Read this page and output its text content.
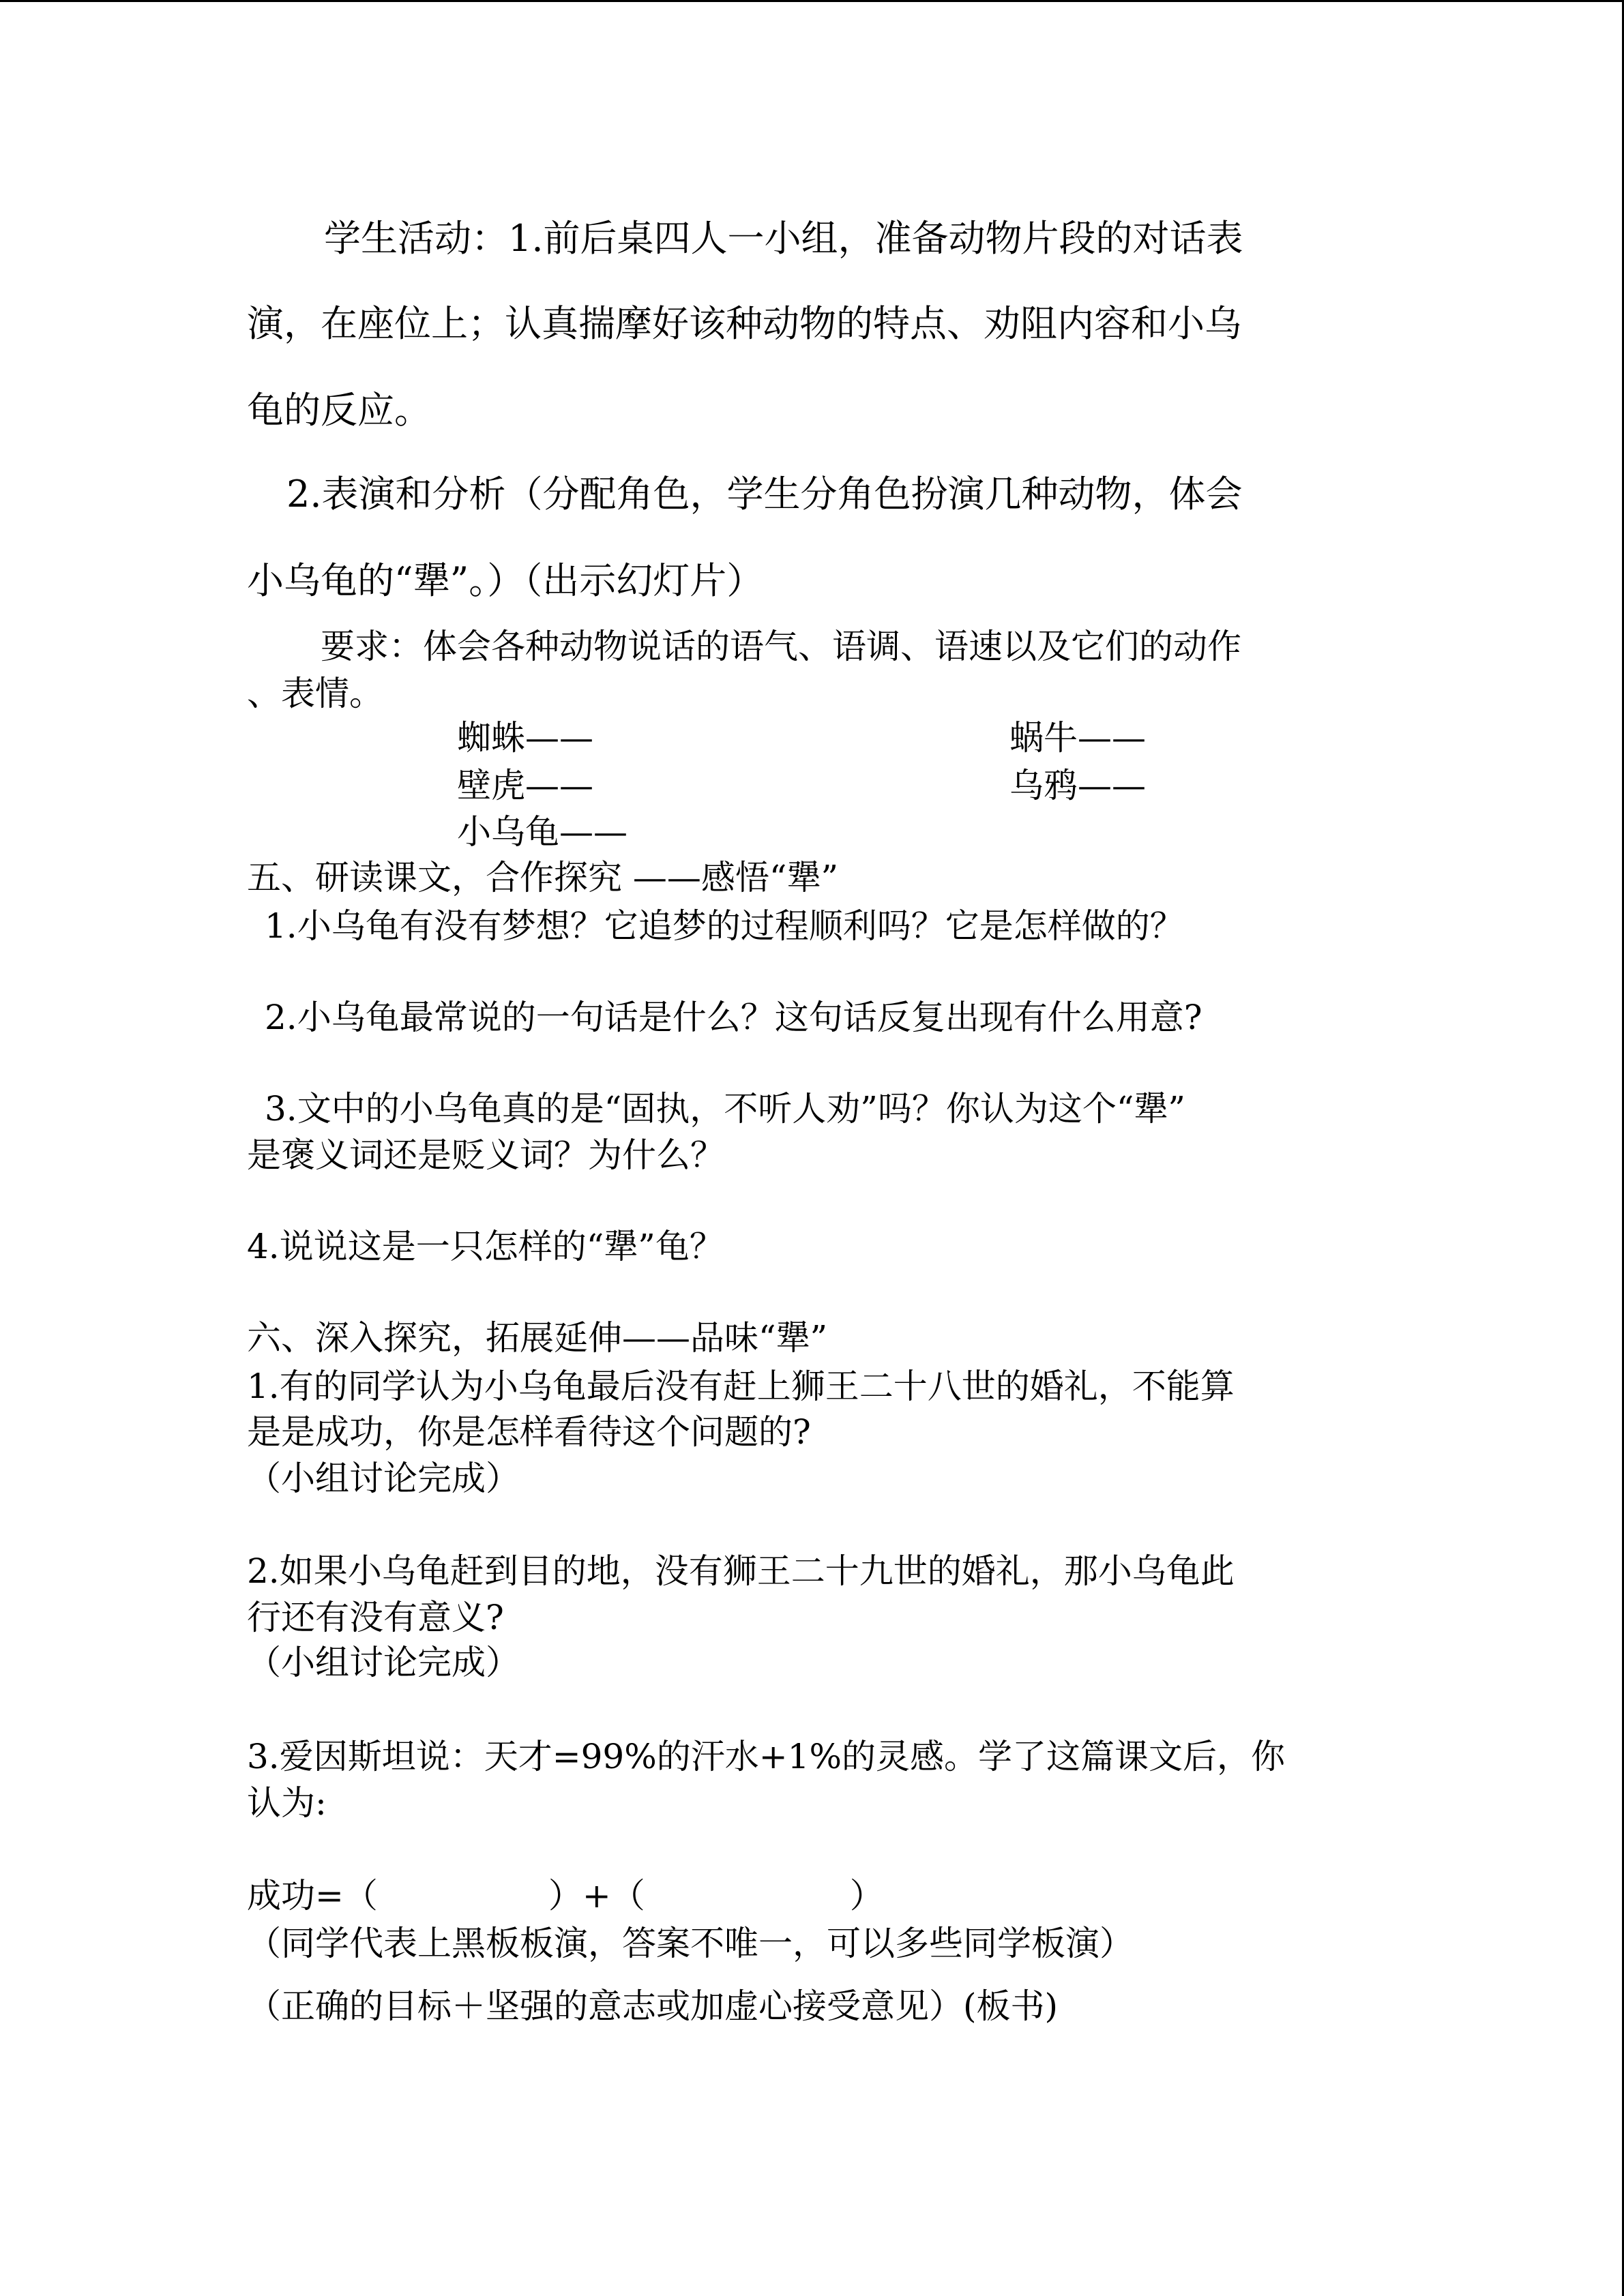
学生活动：1.前后桌四人一小组，准备动物片段的对话表
演，在座位上；认真揣摩好该种动物的特点、劝阻内容和小乌
龟的反应。
2.表演和分析（分配角色，学生分角色扮演几种动物，体会
小乌龟的“犟”。）（出示幻灯片）
要求：体会各种动物说话的语气、语调、语速以及它们的动作
、表情。
蜘蛛——	蜗牛——
壁虎——	乌鸦——
小乌龟——
五、研读课文，合作探究 ——感悟“犟”
1.小乌龟有没有梦想？它追梦的过程顺利吗？它是怎样做的？
2.小乌龟最常说的一句话是什么？这句话反复出现有什么用意?
3.文中的小乌龟真的是“固执，不听人劝”吗？你认为这个“犟”
是褒义词还是贬义词？为什么？
4.说说这是一只怎样的“犟”龟？
六、深入探究，拓展延伸——品味“犟”
1.有的同学认为小乌龟最后没有赶上狮王二十八世的婚礼，不能算
是是成功，你是怎样看待这个问题的?
（小组讨论完成）
2.如果小乌龟赶到目的地，没有狮王二十九世的婚礼，那小乌龟此
行还有没有意义?
（小组讨论完成）
3.爱因斯坦说：天才=99%的汗水+1%的灵感。学了这篇课文后，你
认为:
成功=（　　　　　）+（　　　　　　）
（同学代表上黑板板演，答案不唯一，可以多些同学板演）
（正确的目标＋坚强的意志或加虚心接受意见）(板书)
